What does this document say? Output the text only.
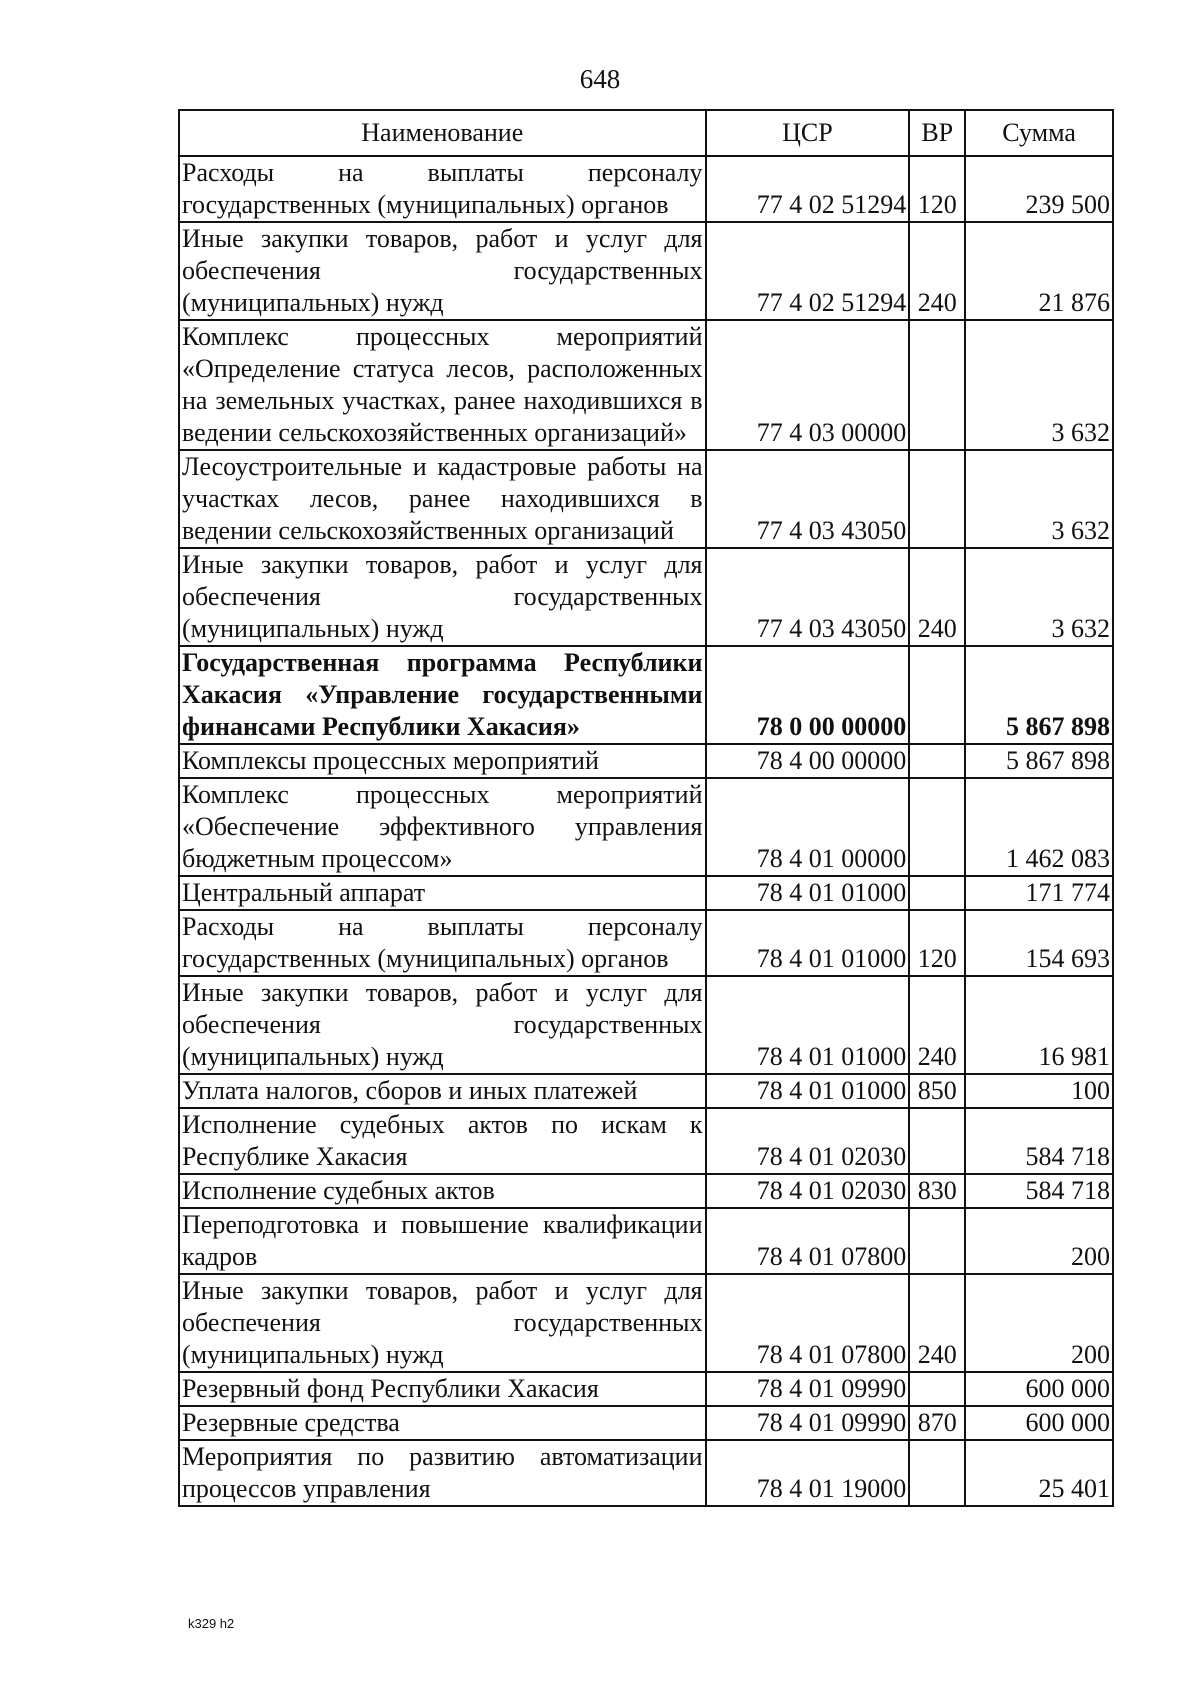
648
Наименование	ЦСР	ВР	Сумма
Расходы на выплаты персоналу государственных (муниципальных) органов	77 4 02 51294	120	239 500
Иные закупки товаров, работ и услуг для обеспечения государственных (муниципальных) нужд	77 4 02 51294	240	21 876
Комплекс процессных мероприятий «Определение статуса лесов, расположенных на земельных участках, ранее находившихся в ведении сельскохозяйственных организаций»	77 4 03 00000		3 632
Лесоустроительные и кадастровые работы на участках лесов, ранее находившихся в ведении сельскохозяйственных организаций	77 4 03 43050		3 632
Иные закупки товаров, работ и услуг для обеспечения государственных (муниципальных) нужд	77 4 03 43050	240	3 632
Государственная программа Республики Хакасия «Управление государственными финансами Республики Хакасия»	78 0 00 00000		5 867 898
Комплексы процессных мероприятий	78 4 00 00000		5 867 898
Комплекс процессных мероприятий «Обеспечение эффективного управления бюджетным процессом»	78 4 01 00000		1 462 083
Центральный аппарат	78 4 01 01000		171 774
Расходы на выплаты персоналу государственных (муниципальных) органов	78 4 01 01000	120	154 693
Иные закупки товаров, работ и услуг для обеспечения государственных (муниципальных) нужд	78 4 01 01000	240	16 981
Уплата налогов, сборов и иных платежей	78 4 01 01000	850	100
Исполнение судебных актов по искам к Республике Хакасия	78 4 01 02030		584 718
Исполнение судебных актов	78 4 01 02030	830	584 718
Переподготовка и повышение квалификации кадров	78 4 01 07800		200
Иные закупки товаров, работ и услуг для обеспечения государственных (муниципальных) нужд	78 4 01 07800	240	200
Резервный фонд Республики Хакасия	78 4 01 09990		600 000
Резервные средства	78 4 01 09990	870	600 000
Мероприятия по развитию автоматизации процессов управления	78 4 01 19000		25 401
k329 h2
